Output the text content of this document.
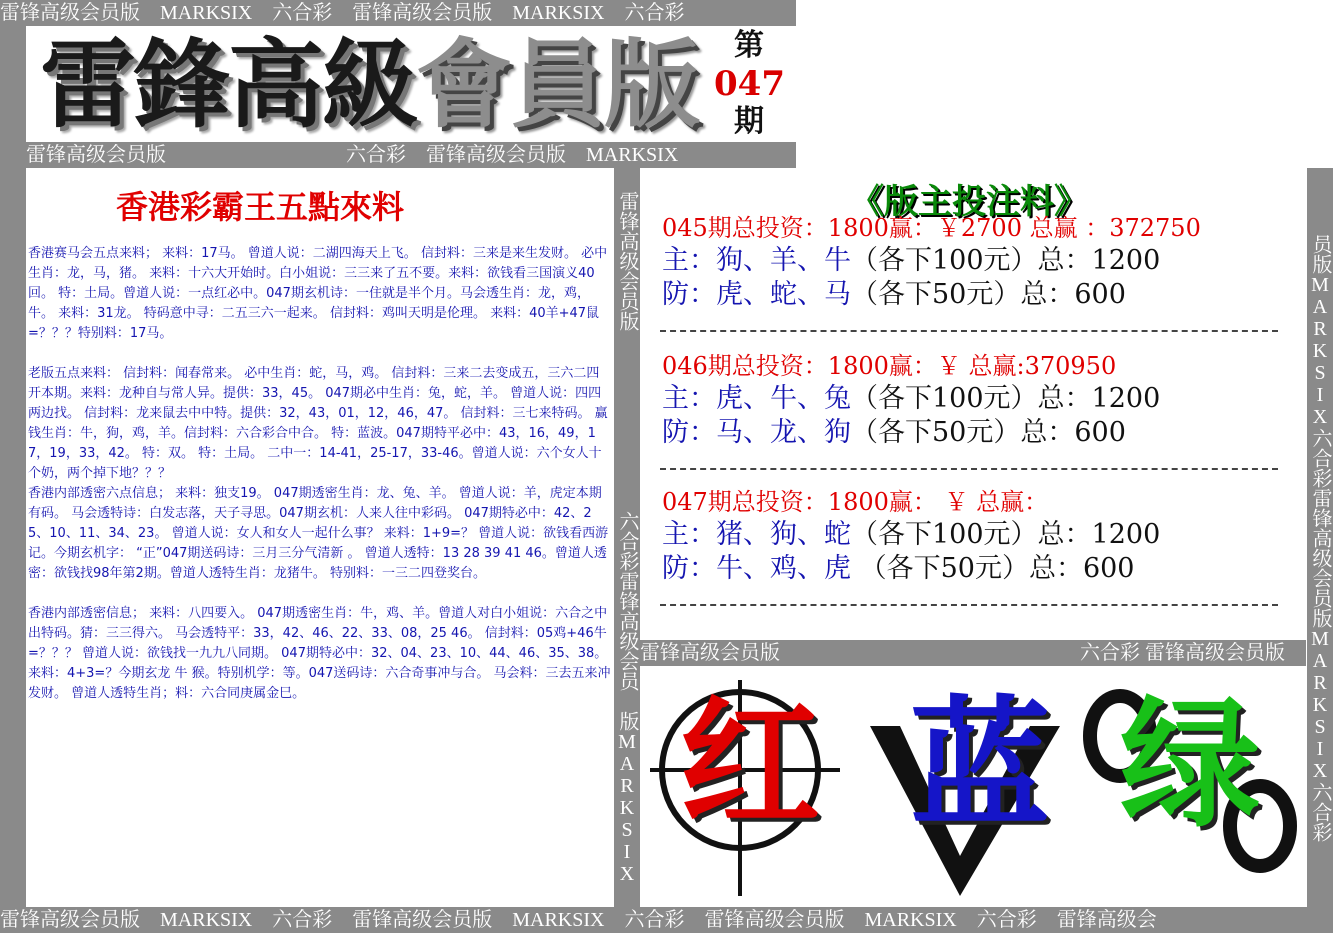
雷锋高级会员版　MARKSIX　六合彩　雷锋高级会员版　MARKSIX　六合彩
雷鋒高級會員版	第
047
期
雷锋高级会员版　　　　　　　　　六合彩　雷锋高级会员版　MARKSIX
香港彩霸王五點來料

香港赛马会五点来料； 来料：17马。 曾道人说：二湖四海天上飞。 信封料：三来是来生发财。 必中生肖：龙，马，猪。 来料：十六大开始时。白小姐说：三三来了五不要。来料：欲钱看三国演义40回。 特：土局。曾道人说：一点红必中。047期玄机诗：一住就是半个月。马会透生肖：龙，鸡，牛。 来料：31龙。 特码意中寻：二五三六一起来。 信封料：鸡叫天明是伦理。 来料：40羊+47鼠=？？？特别料：17马。

老版五点来料： 信封料：闻春常来。 必中生肖：蛇，马，鸡。 信封料：三来二去变成五，三六二四开本期。来料：龙种自与常人异。提供：33，45。 047期必中生肖：兔，蛇，羊。 曾道人说：四四两边找。 信封料：龙来鼠去中中特。提供：32，43，01，12，46，47。 信封料：三七来特码。 赢钱生肖：牛，狗，鸡，羊。信封料：六合彩合中合。 特：蓝波。047期特平必中：43，16，49，17，19，33，42。 特：双。 特：土局。 二中一：14-41，25-17，33-46。曾道人说：六个女人十个奶，两个掉下地？？？
香港内部透密六点信息； 来料：独支19。 047期透密生肖：龙、兔、羊。 曾道人说：羊，虎定本期有码。 马会透特诗：白发志落，天子寻思。047期玄机：人来人往中彩码。 047期特必中：42、25、10、11、34、23。 曾道人说：女人和女人一起什么事？ 来料：1+9=？ 曾道人说：欲钱看西游记。今期玄机字： “正”047期送码诗：三月三分气清新 。 曾道人透特：13 28 39 41 46。曾道人透密：欲钱找98年第2期。曾道人透特生肖：龙猪牛。 特别料：一三二四登奖台。

香港内部透密信息； 来料：八四要入。 047期透密生肖：牛，鸡、羊。曾道人对白小姐说：六合之中出特码。猜：三三得六。 马会透特平：33，42、46、22、33、08，25 46。 信封料：05鸡+46牛=？？？ 曾道人说：欲钱找一九九八同期。 047期特必中：32、04、23、10、44、46、35、38。 来料：4+3=？今期玄龙 牛 猴。特别机学：等。047送码诗：六合奇事冲与合。 马会料：三去五来冲发财。 曾道人透特生肖；料：六合同庚属金巳。	雷锋高级会员版　　　　　　　　　六合彩雷锋高级会员　版MARKSIX	《版主投注料》
045期总投资：1800赢：￥2700 总赢 ：372750
主：狗、羊、牛（各下100元）总：1200
防：虎、蛇、马（各下50元）总：600
046期总投资：1800赢：￥ 总赢:370950
主：虎、牛、兔（各下100元）总：1200
防：马、龙、狗（各下50元）总：600
047期总投资：1800赢： ￥ 总赢：
主：猪、狗、蛇（各下100元）总：1200
防：牛、鸡、虎 （各下50元）总：600
雷锋高级会员版　　　　　　　　　　　　　　　六合彩 雷锋高级会员版
红 蓝 绿 员版MARKSIX六合彩雷锋高级会员版MARKSIX六合彩
雷锋高级会员版　MARKSIX　六合彩　雷锋高级会员版　MARKSIX　六合彩　雷锋高级会员版　MARKSIX　六合彩　雷锋高级会
